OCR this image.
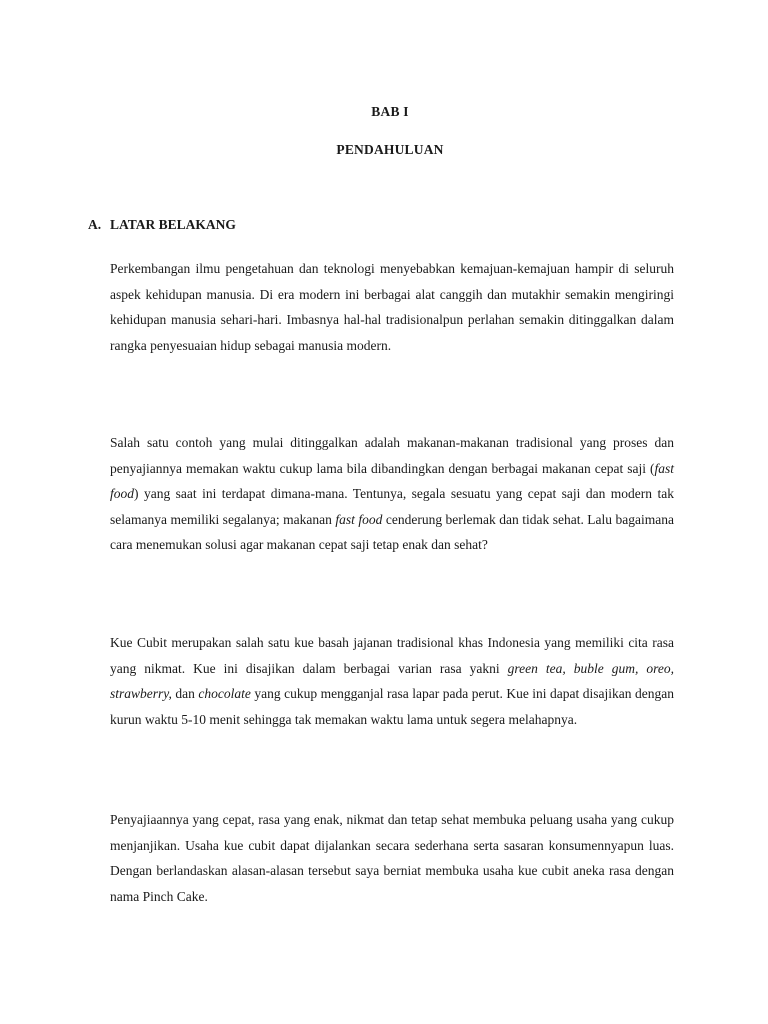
BAB I
PENDAHULUAN
A. LATAR BELAKANG

Perkembangan ilmu pengetahuan dan teknologi menyebabkan kemajuan-kemajuan hampir di seluruh aspek kehidupan manusia. Di era modern ini berbagai alat canggih dan mutakhir semakin mengiringi kehidupan manusia sehari-hari. Imbasnya hal-hal tradisionalpun perlahan semakin ditinggalkan dalam rangka penyesuaian hidup sebagai manusia modern.

Salah satu contoh yang mulai ditinggalkan adalah makanan-makanan tradisional yang proses dan penyajiannya memakan waktu cukup lama bila dibandingkan dengan berbagai makanan cepat saji (fast food) yang saat ini terdapat dimana-mana. Tentunya, segala sesuatu yang cepat saji dan modern tak selamanya memiliki segalanya; makanan fast food cenderung berlemak dan tidak sehat. Lalu bagaimana cara menemukan solusi agar makanan cepat saji tetap enak dan sehat?

Kue Cubit merupakan salah satu kue basah jajanan tradisional khas Indonesia yang memiliki cita rasa yang nikmat. Kue ini disajikan dalam berbagai varian rasa yakni green tea, buble gum, oreo, strawberry, dan chocolate yang cukup mengganjal rasa lapar pada perut. Kue ini dapat disajikan dengan kurun waktu 5-10 menit sehingga tak memakan waktu lama untuk segera melahapnya.

Penyajiaannya yang cepat, rasa yang enak, nikmat dan tetap sehat membuka peluang usaha yang cukup menjanjikan. Usaha kue cubit dapat dijalankan secara sederhana serta sasaran konsumennyapun luas. Dengan berlandaskan alasan-alasan tersebut saya berniat membuka usaha kue cubit aneka rasa dengan nama Pinch Cake.
